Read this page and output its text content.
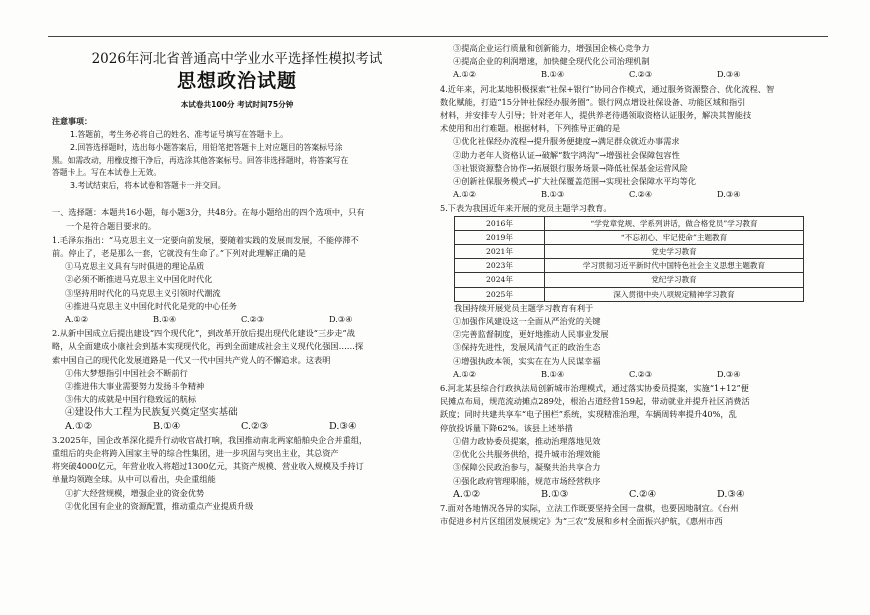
2026年河北省普通高中学业水平选择性模拟考试
思想政治试题
本试卷共100分 考试时间75分钟
注意事项：
1.答题前，考生务必将自己的姓名、准考证号填写在答题卡上。
2.回答选择题时，选出每小题答案后，用铅笔把答题卡上对应题目的答案标号涂
黑。如需改动，用橡皮擦干净后，再选涂其他答案标号。回答非选择题时，将答案写在
答题卡上。写在本试卷上无效。
3.考试结束后，将本试卷和答题卡一并交回。
一、选择题：本题共16小题，每小题3分，共48分。在每小题给出的四个选项中，只有
一个是符合题目要求的。
1.毛泽东指出：“马克思主义一定要向前发展，要随着实践的发展而发展，不能停滞不
前。停止了，老是那么一套，它就没有生命了。”下列对此理解正确的是
①马克思主义具有与时俱进的理论品质
②必须不断推进马克思主义中国化时代化
③坚持用时代化的马克思主义引领时代潮流
④推进马克思主义中国化时代化是党的中心任务
A.①②	B.①④	C.②③	D.③④
2.从新中国成立后提出建设“四个现代化”，到改革开放后提出现代化建设“三步走”战
略，从全面建成小康社会到基本实现现代化，再到全面建成社会主义现代化强国……探
索中国自己的现代化发展道路是一代又一代中国共产党人的不懈追求。这表明
①伟大梦想指引中国社会不断前行
②推进伟大事业需要努力发扬斗争精神
③伟大的成就是中国行稳致远的航标
④建设伟大工程为民族复兴奠定坚实基础
A.①②	B.①④	C.②③	D.③④
3.2025年，国企改革深化提升行动收官战打响，我国推动南北两家船舶央企合并重组，
重组后的央企将跨入国家主导的综合性集团，进一步巩固与突出主业，其总资产
将突破4000亿元，年营业收入将超过1300亿元，其资产规模、营业收入规模及手持订
单量均领跑全球。从中可以看出，央企重组能
①扩大经营规模，增强企业的资金优势
②优化国有企业的资源配置，推动重点产业提质升级
③提高企业运行质量和创新能力，增强国企核心竞争力
④提高企业的利润增速，加快健全现代化公司治理机制
A.①②	B.①④	C.②③	D.③④
4.近年来，河北某地积极探索“社保+银行”协同合作模式，通过服务资源整合、优化流程、智
数化赋能，打造“15分钟社保经办服务圈”。银行网点增设社保设备、功能区域和指引
材料，并安排专人引导；针对老年人，提供养老待遇领取资格认证服务，解决其智能技
术使用和出行难题。根据材料，下列推导正确的是
①优化社保经办流程→提升服务便捷度→满足群众就近办事需求
②助力老年人资格认证→破解“数字鸿沟”→增强社会保障包容性
③社银资源整合协作→拓展银行服务场景→降低社保基金运营风险
④创新社保服务模式→扩大社保覆盖范围→实现社会保障水平均等化
A.①②	B.①③	C.②④	D.③④
5.下表为我国近年来开展的党员主题学习教育。
2016年	“学党章党规、学系列讲话，做合格党员”学习教育
2019年	“不忘初心、牢记使命”主题教育
2021年	党史学习教育
2023年	学习贯彻习近平新时代中国特色社会主义思想主题教育
2024年	党纪学习教育
2025年	深入贯彻中央八项规定精神学习教育
我国持续开展党员主题学习教育有利于
①加强作风建设这一全面从严治党的关键
②完善监督制度，更好地推动人民事业发展
③保持先进性，发展风清气正的政治生态
④增强执政本领，实实在在为人民谋幸福
A.①②	B.①④	C.②③	D.③④
6.河北某县综合行政执法局创新城市治理模式，通过落实协委员提案，实施“1+12”便
民摊点布局，规范流动摊点289处，根治占道经营159起，带动就业并提升社区消费活
跃度；同时共建共享车“电子围栏”系统，实现精准治理，车辆周转率提升40%，乱
停放投诉量下降62%。该县上述举措
①借力政协委员提案，推动治理落地见效
②优化公共服务供给，提升城市治理效能
③保障公民政治参与，凝聚共治共享合力
④强化政府管理职能，规范市场经营秩序
A.①②	B.①③	C.②④	D.③④
7.面对各地情况各异的实际，立法工作既要坚持全国一盘棋，也要因地制宜。《台州
市促进乡村片区组团发展规定》为“三农”发展和乡村全面振兴护航，《惠州市西
